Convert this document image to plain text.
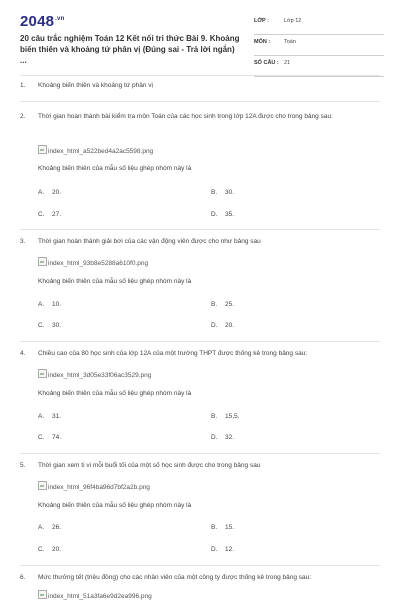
$2048^{.vn}$
20 câu trắc nghiệm Toán 12 Kết nối tri thức Bài 9. Khoảng biến thiên và khoảng tứ phân vị (Đúng sai - Trả lời ngắn) ...
LỚP :	Lớp 12
MÔN :	Toán
SỐ CÂU : 21
1. Khoảng biến thiên và khoảng tứ phân vị
2. Thời gian hoàn thành bài kiểm tra môn Toán của các học sinh trong lớp 12A được cho trong bảng sau:
index_html_a522bed4a2ac5598.png
Khoảng biến thiên của mẫu số liệu ghép nhóm này là
A. 20.	B. 30.
C. 27.	D. 35.
3. Thời gian hoàn thành giải bơi của các vận động viên được cho như bảng sau
index_html_93b8e5288a610f0.png
Khoảng biến thiên của mẫu số liệu ghép nhóm này là
A. 10.	B. 25.
C. 30.	D. 20.
4. Chiều cao của 80 học sinh của lớp 12A của một trường THPT được thống kê trong bảng sau:
index_html_3d05e33f06ac3529.png
Khoảng biến thiên của mẫu số liệu ghép nhóm này là
A. 31.	B. 15,5.
C. 74.	D. 32.
5. Thời gian xem ti vi mỗi buổi tối của một số học sinh được cho trong bảng sau
index_html_96f4ba96d7bf2a2b.png
Khoảng biến thiên của mẫu số liệu ghép nhóm này là
A. 26.	B. 15.
C. 20.	D. 12.
6. Mức thưởng tết (triệu đồng) cho các nhân viên của một công ty được thống kê trong bảng sau:
index_html_51a3fa6e9d2ea996.png
